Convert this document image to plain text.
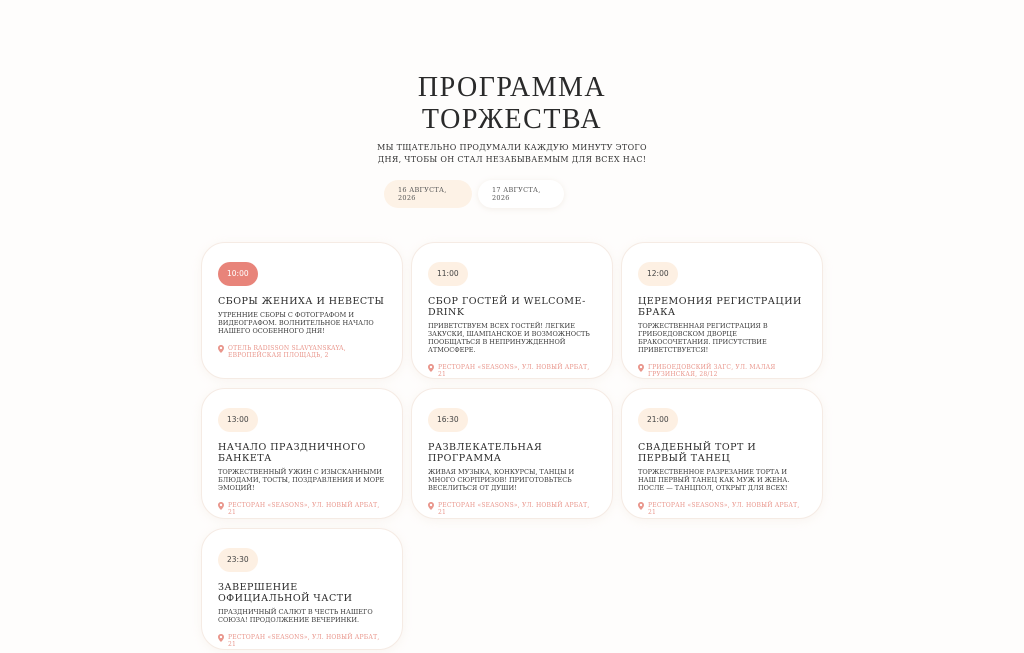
ПРОГРАММА
ТОРЖЕСТВА
МЫ ТЩАТЕЛЬНО ПРОДУМАЛИ КАЖДУЮ МИНУТУ ЭТОГО
ДНЯ, ЧТОБЫ ОН СТАЛ НЕЗАБЫВАЕМЫМ ДЛЯ ВСЕХ НАС!
16 АВГУСТА, 2026
17 АВГУСТА, 2026
10:00
СБОРЫ ЖЕНИХА И НЕВЕСТЫ
УТРЕННИЕ СБОРЫ С ФОТОГРАФОМ И ВИДЕОГРАФОМ. ВОЛНИТЕЛЬНОЕ НАЧАЛО НАШЕГО ОСОБЕННОГО ДНЯ!
ОТЕЛЬ RADISSON SLAVYANSKAYA, ЕВРОПЕЙСКАЯ ПЛОЩАДЬ, 2
11:00
СБОР ГОСТЕЙ И WELCOME-DRINK
ПРИВЕТСТВУЕМ ВСЕХ ГОСТЕЙ! ЛЕГКИЕ ЗАКУСКИ, ШАМПАНСКОЕ И ВОЗМОЖНОСТЬ ПООБЩАТЬСЯ В НЕПРИНУЖДЕННОЙ АТМОСФЕРЕ.
РЕСТОРАН «SEASONS», УЛ. НОВЫЙ АРБАТ, 21
12:00
ЦЕРЕМОНИЯ РЕГИСТРАЦИИ БРАКА
ТОРЖЕСТВЕННАЯ РЕГИСТРАЦИЯ В ГРИБОЕДОВСКОМ ДВОРЦЕ БРАКОСОЧЕТАНИЯ. ПРИСУТСТВИЕ ПРИВЕТСТВУЕТСЯ!
ГРИБОЕДОВСКИЙ ЗАГС, УЛ. МАЛАЯ ГРУЗИНСКАЯ, 28/12
13:00
НАЧАЛО ПРАЗДНИЧНОГО БАНКЕТА
ТОРЖЕСТВЕННЫЙ УЖИН С ИЗЫСКАННЫМИ БЛЮДАМИ, ТОСТЫ, ПОЗДРАВЛЕНИЯ И МОРЕ ЭМОЦИЙ!
РЕСТОРАН «SEASONS», УЛ. НОВЫЙ АРБАТ, 21
16:30
РАЗВЛЕКАТЕЛЬНАЯ ПРОГРАММА
ЖИВАЯ МУЗЫКА, КОНКУРСЫ, ТАНЦЫ И МНОГО СЮРПРИЗОВ! ПРИГОТОВЬТЕСЬ ВЕСЕЛИТЬСЯ ОТ ДУШИ!
РЕСТОРАН «SEASONS», УЛ. НОВЫЙ АРБАТ, 21
21:00
СВАДЕБНЫЙ ТОРТ И ПЕРВЫЙ ТАНЕЦ
ТОРЖЕСТВЕННОЕ РАЗРЕЗАНИЕ ТОРТА И НАШ ПЕРВЫЙ ТАНЕЦ КАК МУЖ И ЖЕНА. ПОСЛЕ — ТАНЦПОЛ, ОТКРЫТ ДЛЯ ВСЕХ!
РЕСТОРАН «SEASONS», УЛ. НОВЫЙ АРБАТ, 21
23:30
ЗАВЕРШЕНИЕ ОФИЦИАЛЬНОЙ ЧАСТИ
ПРАЗДНИЧНЫЙ САЛЮТ В ЧЕСТЬ НАШЕГО СОЮЗА! ПРОДОЛЖЕНИЕ ВЕЧЕРИНКИ.
РЕСТОРАН «SEASONS», УЛ. НОВЫЙ АРБАТ, 21
